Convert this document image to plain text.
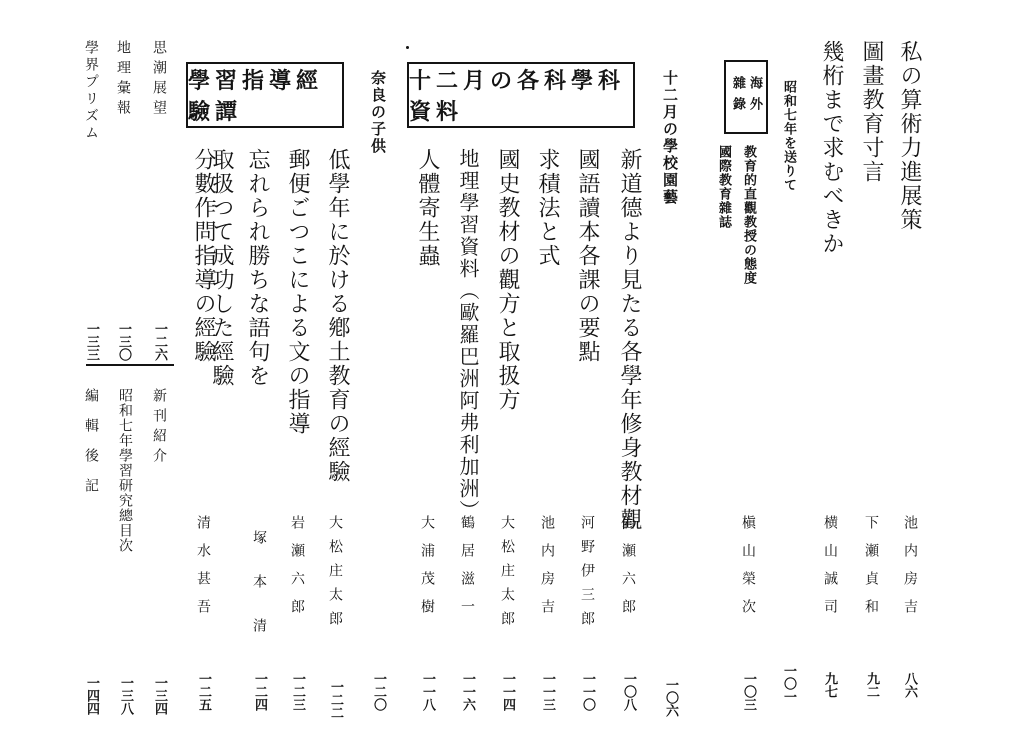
私の算術力進展策
池内房吉
八六
圖畫教育寸言
下瀬貞和
九二
幾桁まで求むべきか
横山誠司
九七
昭和七年を送りて
一〇一
海外
雜錄
教育的直觀教授の態度
槇山榮次
一〇三
國際教育雜誌
十二月の各科學科資料	十二月の學校園藝
一〇六
新道德より見たる各學年修身教材觀
岩瀬六郎
一〇八
國語讀本各課の要點
河野伊三郎
一一〇
求積法と式
池内房吉
一一三
國史教材の觀方と取扱方
大松庄太郎
一一四
地理學習資料（歐羅巴洲阿弗利加洲）
鶴居滋一
一一六
人體寄生蟲
大浦茂樹
一一八
奈良の子供
一二〇
學習指導經驗譚
低學年に於ける鄕土教育の經驗
大松庄太郎
一二二
郵便ごつこによる文の指導
岩瀬六郎
一二三
忘れられ勝ちな語句を
取扱つて成功した經驗
塚本清
一二四
分數作問指導の經驗
清水甚吾
一二五
思潮展望
一二六
地理彙報
一三〇
學界プリズム
一三三
新刊紹介
一三四
昭和七年學習研究總目次
一三八
編輯後記
一四四
